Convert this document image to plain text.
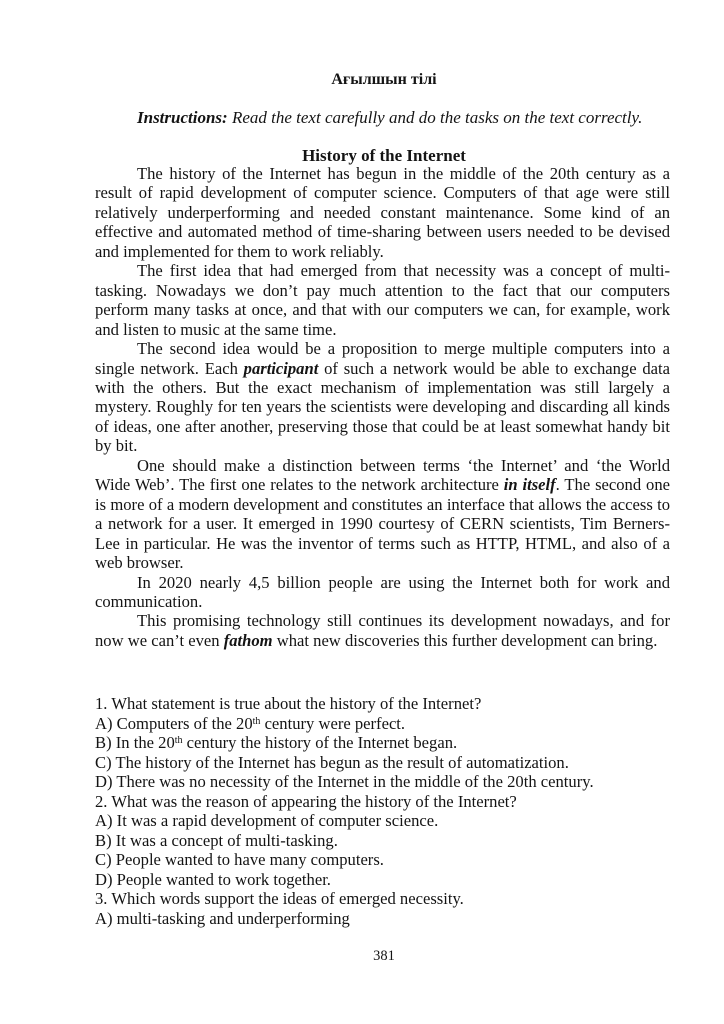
Ағылшын тілі
Instructions: Read the text carefully and do the tasks on the text correctly.
History of the Internet

The history of the Internet has begun in the middle of the 20th century as a result of rapid development of computer science. Computers of that age were still relatively underperforming and needed constant maintenance. Some kind of an effective and automated method of time-sharing between users needed to be devised and implemented for them to work reliably.

The first idea that had emerged from that necessity was a concept of multi-tasking. Nowadays we don’t pay much attention to the fact that our computers perform many tasks at once, and that with our computers we can, for example, work and listen to music at the same time.

The second idea would be a proposition to merge multiple computers into a single network. Each participant of such a network would be able to exchange data with the others. But the exact mechanism of implementation was still largely a mystery. Roughly for ten years the scientists were developing and discarding all kinds of ideas, one after another, preserving those that could be at least somewhat handy bit by bit.

One should make a distinction between terms ‘the Internet’ and ‘the World Wide Web’. The first one relates to the network architecture in itself. The second one is more of a modern development and constitutes an interface that allows the access to a network for a user. It emerged in 1990 courtesy of CERN scientists, Tim Berners-Lee in particular. He was the inventor of terms such as HTTP, HTML, and also of a web browser.

In 2020 nearly 4,5 billion people are using the Internet both for work and communication.

This promising technology still continues its development nowadays, and for now we can’t even fathom what new discoveries this further development can bring.

1. What statement is true about the history of the Internet?

A) Computers of the 20th century were perfect.

B) In the 20th century the history of the Internet began.

C) The history of the Internet has begun as the result of automatization.

D) There was no necessity of the Internet in the middle of the 20th century.

2. What was the reason of appearing the history of the Internet?

A) It was a rapid development of computer science.

B) It was a concept of multi-tasking.

C) People wanted to have many computers.

D) People wanted to work together.

3. Which words support the ideas of emerged necessity.

A) multi-tasking and underperforming

381
